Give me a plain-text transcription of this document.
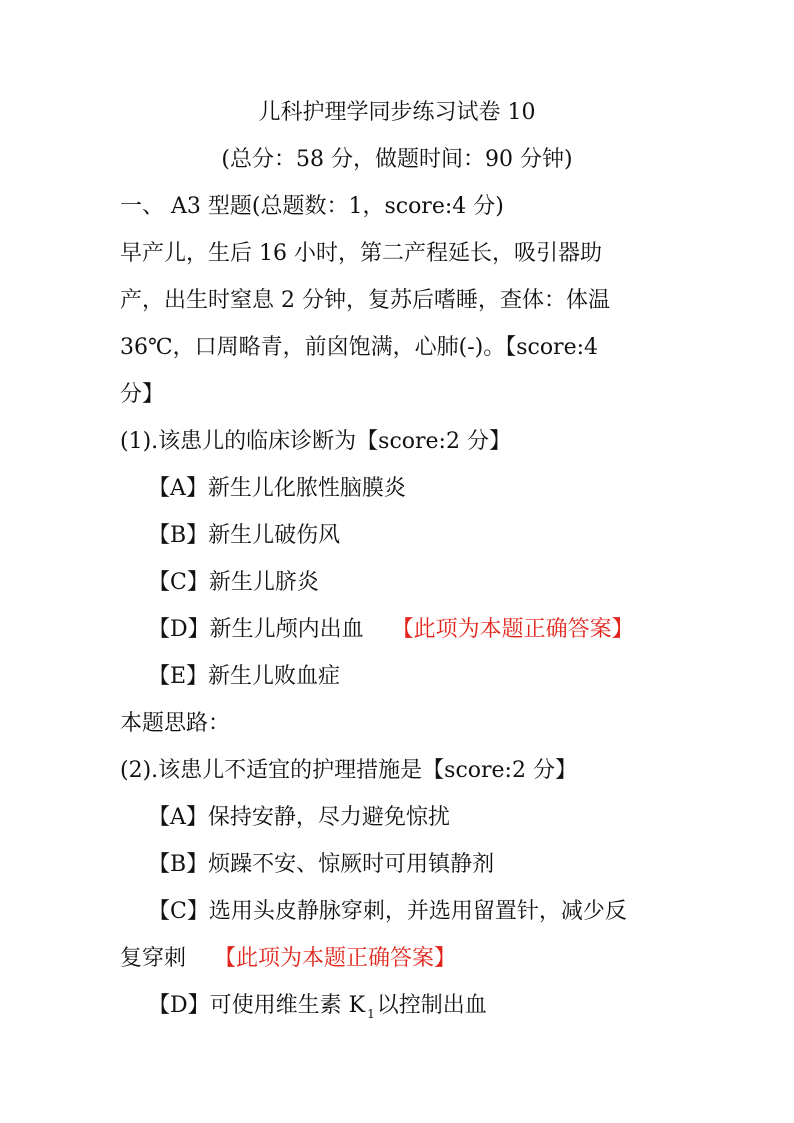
儿科护理学同步练习试卷 10
(总分：58 分，做题时间：90 分钟)
一、 A3 型题(总题数：1，score:4 分)
早产儿，生后 16 小时，第二产程延长，吸引器助
产，出生时窒息 2 分钟，复苏后嗜睡，查体：体温
36℃，口周略青，前囟饱满，心肺(-)。【score:4
分】
(1).该患儿的临床诊断为【score:2 分】
【A】新生儿化脓性脑膜炎
【B】新生儿破伤风
【C】新生儿脐炎
【D】新生儿颅内出血 【此项为本题正确答案】
【E】新生儿败血症
本题思路：
(2).该患儿不适宜的护理措施是【score:2 分】
【A】保持安静，尽力避免惊扰
【B】烦躁不安、惊厥时可用镇静剂
【C】选用头皮静脉穿刺，并选用留置针，减少反
复穿刺 【此项为本题正确答案】
【D】可使用维生素 K $_1$以控制出血
